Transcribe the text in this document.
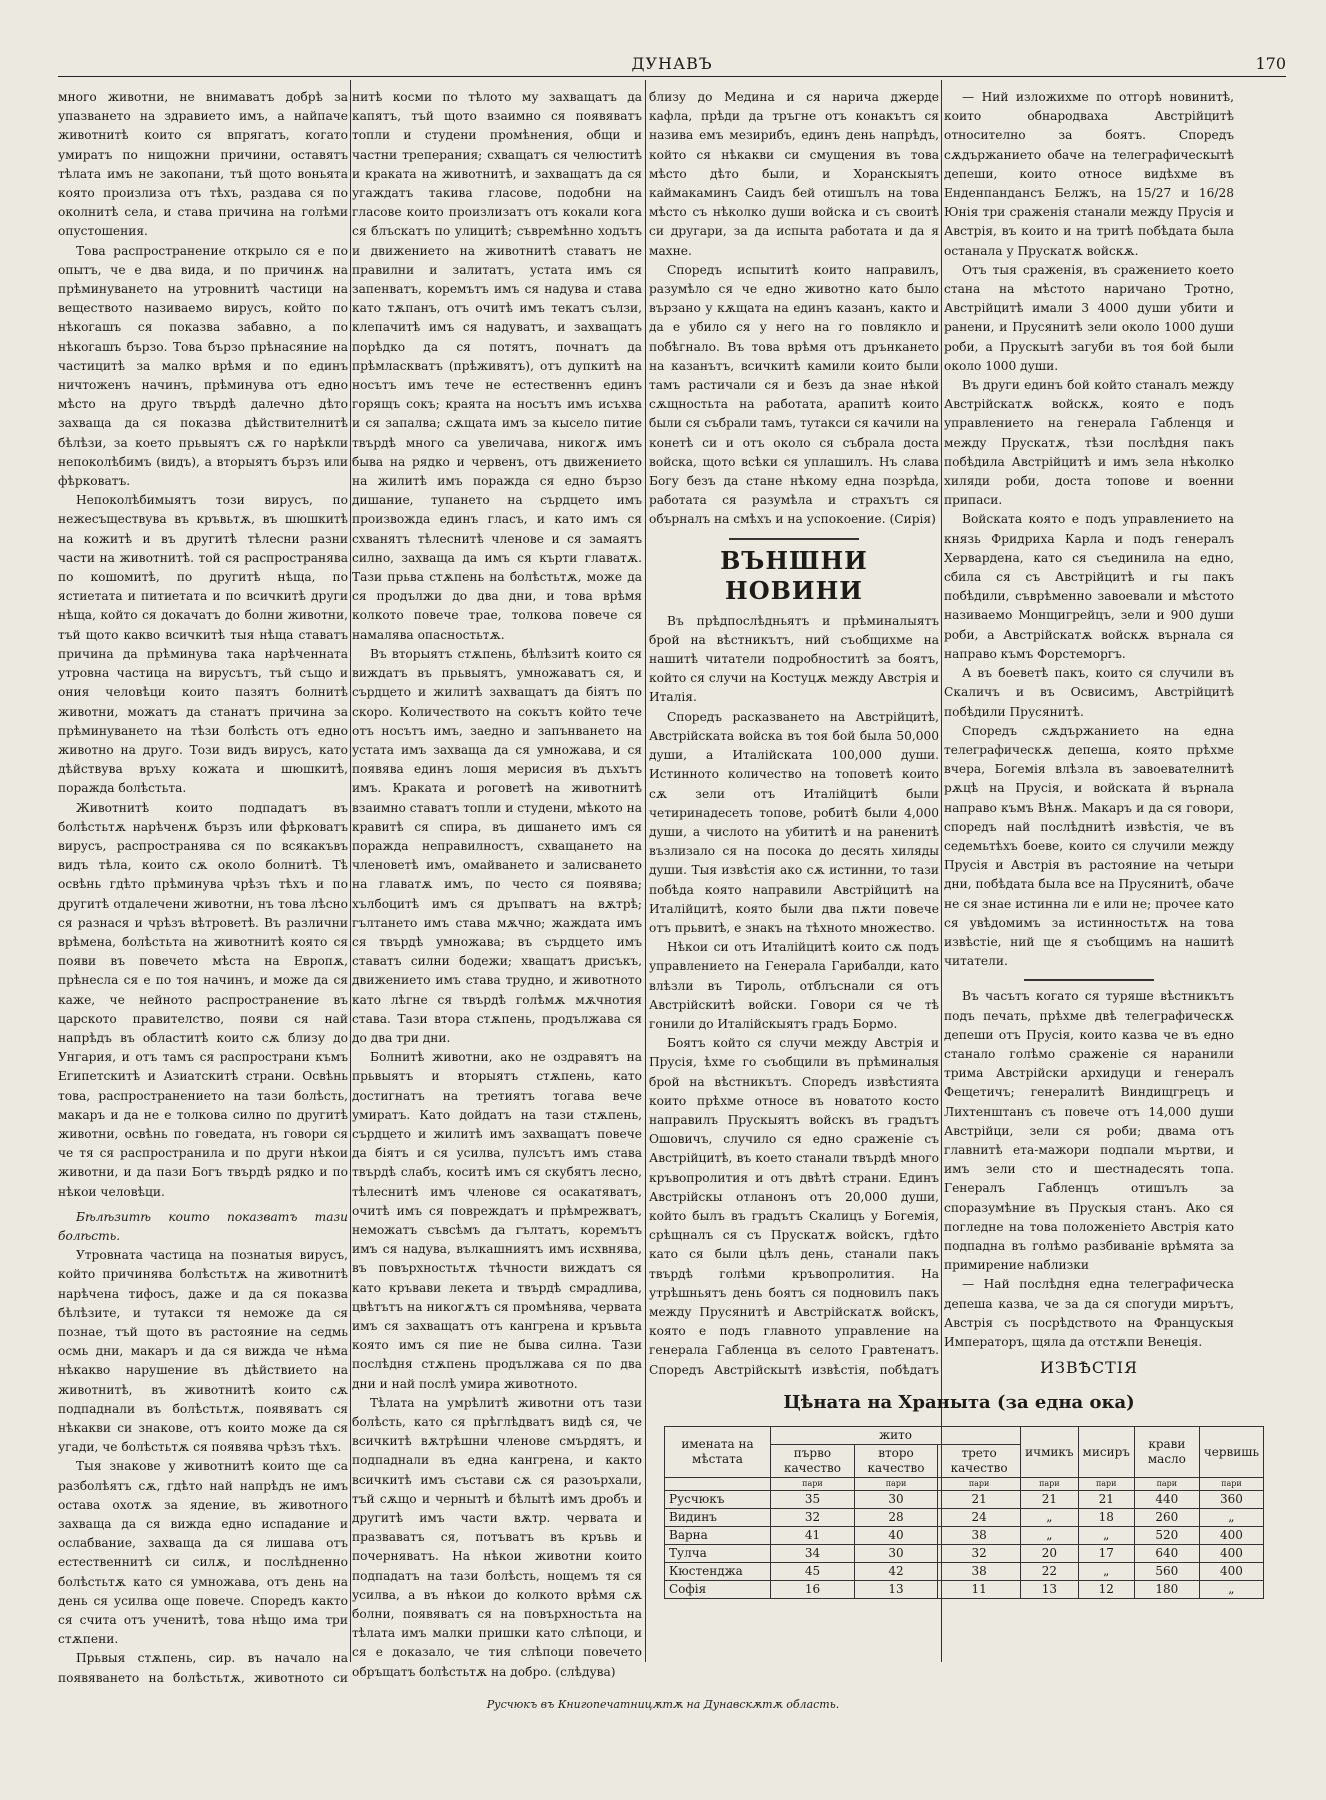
ДУНАВЪ	170

много животни, не внимаватъ добрѣ за упазването на здравието имъ, а найпаче животнитѣ които ся впрягатъ, когато умиратъ по нищожни причини, оставятъ тѣлата имъ не закопани, тъй щото воньята която произлиза отъ тѣхъ, раздава ся по околнитѣ села, и става причина на голѣми опустошения.

Това распространение открыло ся е по опытъ, че е два вида, и по причинѫ на прѣминуването на утровнитѣ частици на веществото називаемо вирусъ, който по нѣкогашъ ся показва забавно, а по нѣкогашъ бързо. Това бързо прѣнасяние на частицитѣ за малко врѣмя и по единъ ничтоженъ начинъ, прѣминува отъ едно мѣсто на друго твърдѣ далечно дѣто захваща да ся показва дѣйствителнитѣ бѣлѣзи, за което прьвыятъ сѫ го нарѣкли непоколѣбимъ (видъ), а вторыятъ бързъ или фѣрковатъ.

Непоколѣбимыятъ този вирусъ, по нежесъществува въ кръвьтѫ, въ шюшкитѣ на кожитѣ и въ другитѣ тѣлесни разни части на животнитѣ. той ся распространява по кошомитѣ, по другитѣ нѣща, по ястиетата и питиетата и по всичкитѣ други нѣща, който ся докачатъ до болни животни, тъй щото какво всичкитѣ тыя нѣща ставатъ причина да прѣминува така нарѣченната утровна частица на вирусътъ, тъй също и ония человѣци които пазятъ болнитѣ животни, можатъ да станатъ причина за прѣминуването на тѣзи болѣсть отъ едно животно на друго. Този видъ вирусъ, като дѣйствува връху кожата и шюшкитѣ, поражда болѣстьта.

Животнитѣ които подпадатъ въ болѣстьтѫ нарѣченѫ бързъ или фѣрковатъ вирусъ, распространява ся по всякакъвъ видъ тѣла, които сѫ около болнитѣ. Тѣ освѣнь гдѣто прѣминува чрѣзъ тѣхъ и по другитѣ отдалечени животни, нъ това лѣсно ся разнася и чрѣзъ вѣтроветѣ. Въ различни врѣмена, болѣстьта на животнитѣ която ся появи въ повечето мѣста на Европѫ, прѣнесла ся е по тоя начинъ, и може да ся каже, че нейното распространение въ царското правителство, появи ся най напрѣдъ въ областитѣ които сѫ близу до Унгария, и отъ тамъ ся распространи къмъ Египетскитѣ и Азиатскитѣ страни. Освѣнь това, распространението на тази болѣсть, макаръ и да не е толкова силно по другитѣ животни, освѣнь по говедата, нъ говори ся че тя ся распространила и по други нѣкои животни, и да пази Богъ твърдѣ рядко и по нѣкои человѣци.

Бѣлѣзитѣ които показватъ тази болѣсть.

Утровната частица на познатыя вирусъ, който причинява болѣстьтѫ на животнитѣ нарѣчена тифосъ, даже и да ся показва бѣлѣзите, и тутакси тя неможе да ся познае, тъй щото въ растояние на седмь осмь дни, макаръ и да ся вижда че нѣма нѣкакво нарушение въ дѣйствието на животнитѣ, въ животнитѣ които сѫ подпаднали въ болѣстьтѫ, появяватъ ся нѣкакви си знакове, отъ които може да ся угади, че болѣстьтѫ ся появява чрѣзъ тѣхъ.

Тыя знакове у животнитѣ които ще са разболѣятъ сѫ, гдѣто най напрѣдъ не имъ остава охотѫ за ядение, въ животного захваща да ся вижда едно испадание и ослабвание, захваща да ся лишава отъ естественнитѣ си силѫ, и послѣдненно болѣстьтѫ като ся умножава, отъ день на день ся усилва още повече. Споредъ както ся счита отъ ученитѣ, това нѣщо има три стѫпени.

Прьвыя стѫпень, сир. въ начало на появяването на болѣстьтѫ, животното си

нитѣ косми по тѣлото му захващатъ да капятъ, тъй щото взаимно ся появяватъ топли и студени промѣнения, общи и частни треперания; схващатъ ся челюститѣ и краката на животнитѣ, и захващатъ да ся угаждатъ такива гласове, подобни на гласове които произлизатъ отъ кокали кога ся блъскатъ по улицитѣ; съвремѣнно ходътъ и движението на животнитѣ ставатъ не правилни и залитатъ, устата имъ ся запенватъ, коремътъ имъ ся надува и става като тѫпанъ, отъ очитѣ имъ текатъ сълзи, клепачитѣ имъ ся надуватъ, и захващатъ порѣдко да ся потятъ, почнатъ да прѣмлаcкватъ (прѣживятъ), отъ дупкитѣ на носътъ имъ тече не естественнъ единъ горящъ сокъ; краята на носътъ имъ исъхва и ся запалва; сѫщата имъ за кысело питие твърдѣ много са увеличава, никогѫ имъ быва на рядко и червенъ, отъ движението на жилитѣ имъ поражда ся едно бързо дишание, тупането на сърдцето имъ произвожда единъ гласъ, и като имъ ся схванятъ тѣлеснитѣ членове и ся замаятъ силно, захваща да имъ ся кърти главатѫ. Тази прьва стѫпень на болѣстьтѫ, може да ся продължи до два дни, и това врѣмя колкото повече трае, толкова повече ся намалява опасностьтѫ.

Въ вторыятъ стѫпень, бѣлѣзитѣ които ся виждатъ въ прьвыятъ, умножаватъ ся, и сърдцето и жилитѣ захващатъ да біятъ по скоро. Количеството на сокътъ който тече отъ носътъ имъ, заедно и запънването на устата имъ захваща да ся умножава, и ся появява единъ лошя мерисия въ дъхътъ имъ. Краката и роговетѣ на животнитѣ взаимно ставатъ топли и студени, мѣкото на кравитѣ ся спира, въ дишането имъ ся поражда неправилностъ, схващането на членоветѣ имъ, омайването и залисването на главатѫ имъ, по често ся появява; хълбоцитѣ имъ ся дръпватъ на вѫтрѣ; гълтането имъ става мѫчно; жаждата имъ ся твърдѣ умножава; въ сърдцето имъ ставатъ силни бодежи; хващатъ дрисъкъ, движението имъ става трудно, и животното като лѣгне ся твърдѣ голѣмѫ мѫчнотия става. Тази втора стѫпень, продължава ся до два три дни.

Болнитѣ животни, ако не оздравятъ на прьвыятъ и вторыятъ стѫпень, като достигнатъ на третиятъ тогава вече умиратъ. Като дойдатъ на тази стѫпень, сърдцето и жилитѣ имъ захващатъ повече да біятъ и ся усилва, пулсътъ имъ става твърдѣ слабъ, коситѣ имъ ся скубятъ лесно, тѣлеснитѣ имъ членове ся осакатяватъ, очитѣ имъ ся повреждатъ и прѣмрежватъ, неможатъ съвсѣмъ да гълтатъ, коремътъ имъ ся надува, вълкашниятъ имъ исхвнява, въ повърхностьтѫ тѣчности виждатъ ся като кръвави лекета и твърдѣ смрадлива, цвѣтътъ на никогѫтъ ся промѣнява, червата имъ ся захващатъ отъ кангрена и кръвьта която имъ ся пие не быва силна. Тази послѣдня стѫпень продължава ся по два дни и най послѣ умира животното.

Тѣлата на умрѣлитѣ животни отъ тази болѣсть, като ся прѣглѣдватъ видѣ ся, че всичкитѣ вѫтрѣшни членове смърдятъ, и подпаднали въ една кангрена, и както всичкитѣ имъ състави сѫ ся разоърхали, тъй сѫщо и чернытѣ и бѣлытѣ имъ дробъ и другитѣ имъ части вѫтр. червата и празваватъ ся, потъватъ въ кръвь и почерняватъ. На нѣкои животни които подпадатъ на тази болѣсть, нощемъ тя ся усилва, а въ нѣкои до колкото врѣмя сѫ болни, появяватъ ся на повърхностьта на тѣлата имъ малки пришки като слѣпоци, и ся е доказало, че тия слѣпоци повечето обръщатъ болѣстьтѫ на добро. (слѣдува)

близу до Медина и ся нарича джерде кафла, прѣди да тръгне отъ конакътъ ся назива емъ мезирибъ, единъ день напрѣдъ, който ся нѣкакви си смущения въ това мѣсто дѣто были, и Хоранскыятъ каймакаминъ Саидъ бей отишълъ на това мѣсто съ нѣколко души войска и съ своитѣ си другари, за да испыта работата и да я махне.

Споредъ испытитѣ които направилъ, разумѣло ся че едно животно като было вързано у кѫщата на единъ казанъ, както и да е убило ся у него на го повлякло и побѣгнало. Въ това врѣмя отъ дрънкането на казанътъ, всичкитѣ камили които были тамъ растичали ся и безъ да знае нѣкой сѫщностьта на работата, арапитѣ които были ся събрали тамъ, тутакси ся качили на конетѣ си и отъ около ся събрала доста войска, щото всѣки ся уплашилъ. Нъ слава Богу безъ да стане нѣкому една позрѣда, работата ся разумѣла и страхътъ ся обърналъ на смѣхъ и на успокоение. (Сирія)

ВЪНШНИ НОВИНИ

Въ прѣдпослѣдньятъ и прѣминалыятъ брой на вѣстникътъ, ний съобщихме на нашитѣ читатели подробноститѣ за боятъ, който ся случи на Костуцѫ между Австрія и Италія.

Споредъ раскaзването на Австрійцитѣ, Австрійската войска въ тоя бой была 50,000 души, а Италійската 100,000 души. Истинното количество на топоветѣ които сѫ зели отъ Италійцитѣ были четиринадесеть топове, робитѣ были 4,000 души, а числото на убититѣ и на раненитѣ възлизало ся на посока до десять хиляды души. Тыя извѣстія ако сѫ истинни, то тази побѣда която направили Австрійцитѣ на Италійцитѣ, която были два пѫти повече отъ прьвитѣ, е знакъ на тѣхното множество.

Нѣкои си отъ Италійцитѣ които сѫ подъ управлението на Генерала Гарибалди, като влѣзли въ Тироль, отблъснали ся отъ Австрійскитѣ войски. Говори ся че тѣ гонили до Италійскыятъ градъ Бормо.

Боятъ който ся случи между Австрія и Прусія, ѣхме го съобщили въ прѣминалыя брой на вѣстникътъ. Споредъ извѣстията които прѣхме относе въ новатото косто направилъ Прускыятъ войскъ въ градътъ Ошовичъ, случило ся едно сраженіе съ Австрійцитѣ, въ което станали твърдѣ много кръвопролития и отъ двѣтѣ страни. Единъ Австрійскы отланонъ отъ 20,000 души, който былъ въ градътъ Скалицъ у Богемія, срѣщналъ ся съ Прускатѫ войскъ, гдѣто като ся были цѣлъ день, станали пакъ твърдѣ голѣми кръвопролития. На утрѣшньятъ день боятъ ся подновилъ пакъ между Прусянитѣ и Австрійскатѫ войскъ, която е подъ главното управление на генерала Габленца въ селото Гравтенатъ. Споредъ Австрійскытѣ извѣстія, побѣдатъ

— Ний изложихме по отгорѣ новинитѣ, които обнародваха Австрійцитѣ относително за боятъ. Споредъ сѫдържанието обаче на телеграфическытѣ депеши, които относе видѣхме въ Енденпандансъ Белжъ, на 15/27 и 16/28 Юнія три сраженія станали между Прусія и Австрія, въ които и на тритѣ побѣдата была останала у Прускатѫ войскѫ.

Отъ тыя сраженія, въ сражението което стана на мѣстото наричано Тротно, Австрійцитѣ имали 3 4000 души убити и ранени, и Прусянитѣ зели около 1000 души роби, а Прускытѣ загуби въ тоя бой были около 1000 души.

Въ други единъ бой който станалъ между Австрійскатѫ войскѫ, която е подъ управлението на генерала Габленця и между Прускатѫ, тѣзи послѣдня пакъ побѣдила Австрійцитѣ и имъ зела нѣколко хиляди роби, доста топове и военни припаси.

Войската която е подъ управлението на князь Фридриха Карла и подъ генералъ Херварденa, като ся съединила на едно, сбила ся съ Австрійцитѣ и гы пакъ побѣдили, съврѣменно завоевали и мѣстото називаемо Монщигрейцъ, зели и 900 души роби, а Австрійскатѫ войскѫ върнала ся направо къмъ Форстеморгъ.

А въ боеветѣ пакъ, които ся случили въ Скаличъ и въ Освисимъ, Австрійцитѣ побѣдили Прусянитѣ.

Споредъ сѫдържанието на една телеграфическѫ депеша, която прѣхме вчера, Богемія влѣзла въ завоевателнитѣ рѫцѣ на Прусія, и войската й върнала направо къмъ Вѣнѫ. Макаръ и да ся говори, споредъ най послѣднитѣ извѣстія, че въ седемьтѣхъ боеве, които ся случили между Прусія и Австрія въ растояние на четыри дни, побѣдата была все на Прусянитѣ, обаче не ся знае истинна ли е или не; прочее като ся увѣдомимъ за истинностьтѫ на това извѣстіе, ний ще я съобщимъ на нашитѣ читатели.

Въ часътъ когато ся туряше вѣстникътъ подъ печать, прѣхме двѣ телеграфическѫ депеши отъ Прусія, които казва че въ едно станало голѣмо сраженіе ся наранили трима Австрійски архидуци и генералъ Фещетичъ; генералитѣ Виндищгрецъ и Лихтенштанъ съ повече отъ 14,000 души Австрійци, зели ся роби; двама отъ главнитѣ ета-мажори подпали мъртви, и имъ зели сто и шестнадесять топа. Генералъ Габленцъ отишълъ за споразумѣние въ Прускыя станъ. Ако ся погледне на това положеніето Австрія като подпадна въ голѣмо разбиваніе врѣмята за примирение наблизки

— Най послѣдня една телеграфическа депеша казва, че за да ся спогуди мирътъ, Австрія съ посрѣдството на Францускыя Императоръ, щяла да отстѫпи Венеція.

ИЗВѢСТІЯ

Цѣната на Храныта (за една ока)
имената на мѣстата	жито			ичмикъ	мисиръ	крави масло	червишь
	първо качество	второ качество	трето качество				
	пари	пари	пари	пари	пари	пари	пари
Русчюкъ	35	30	21	21	21	440	360
Видинъ	32	28	24	„	18	260	„
Варна	41	40	38	„	„	520	400
Тулча	34	30	32	20	17	640	400
Кюстенджа	45	42	38	22	„	560	400
Софія	16	13	11	13	12	180	„
Русчюкъ въ Книгопечатницѫтѫ на Дунавскѫтѫ область.
